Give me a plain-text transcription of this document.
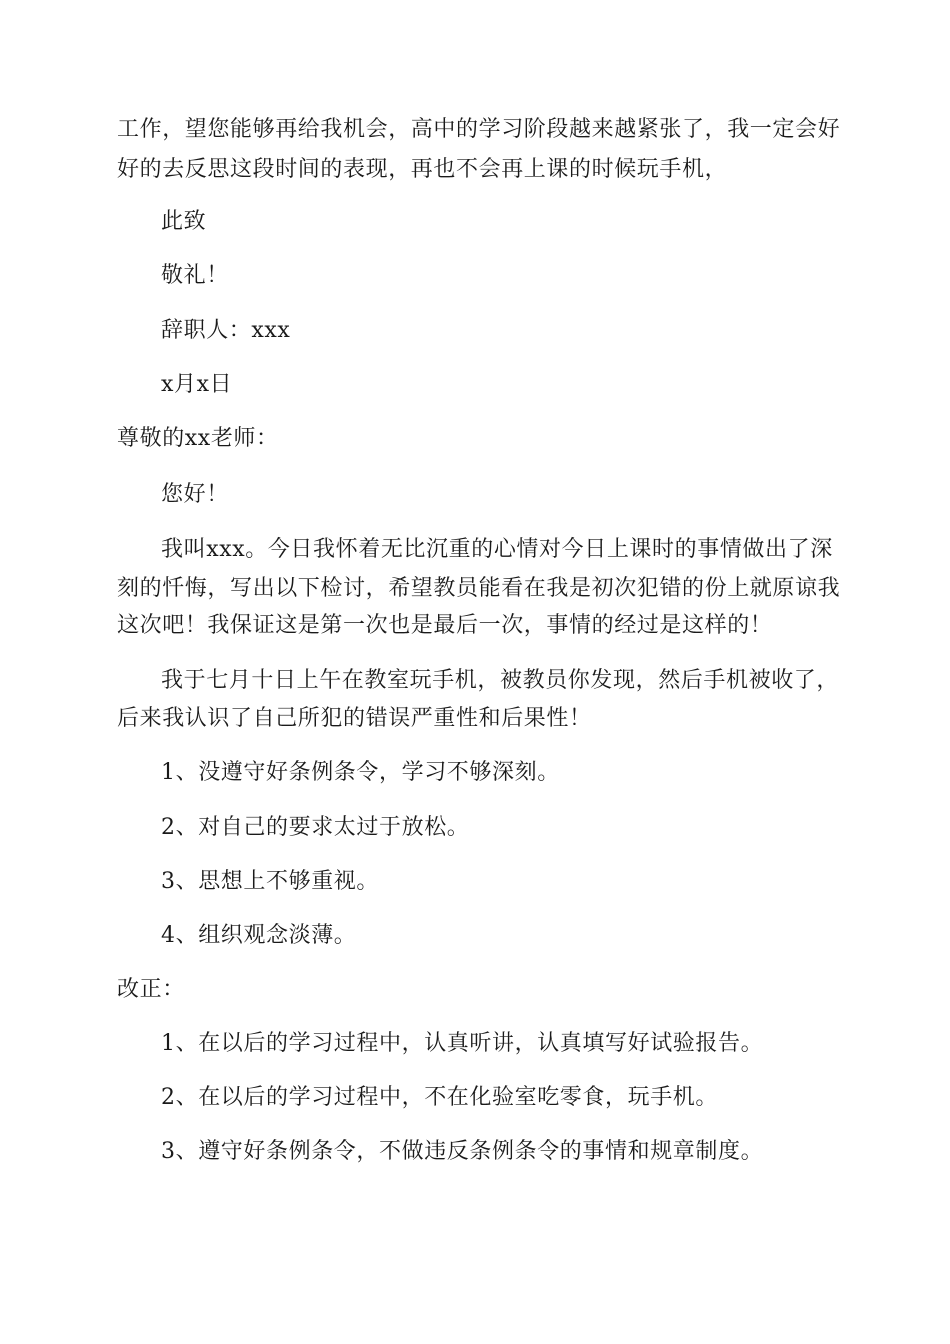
工作，望您能够再给我机会，高中的学习阶段越来越紧张了，我一定会好
好的去反思这段时间的表现，再也不会再上课的时候玩手机，
此致
敬礼！
辞职人：xxx
x月x日
尊敬的xx老师：
您好！
我叫xxx。今日我怀着无比沉重的心情对今日上课时的事情做出了深
刻的忏悔，写出以下检讨，希望教员能看在我是初次犯错的份上就原谅我
这次吧！我保证这是第一次也是最后一次，事情的经过是这样的！
我于七月十日上午在教室玩手机，被教员你发现，然后手机被收了，
后来我认识了自己所犯的错误严重性和后果性！
1、没遵守好条例条令，学习不够深刻。
2、对自己的要求太过于放松。
3、思想上不够重视。
4、组织观念淡薄。
改正：
1、在以后的学习过程中，认真听讲，认真填写好试验报告。
2、在以后的学习过程中，不在化验室吃零食，玩手机。
3、遵守好条例条令，不做违反条例条令的事情和规章制度。
